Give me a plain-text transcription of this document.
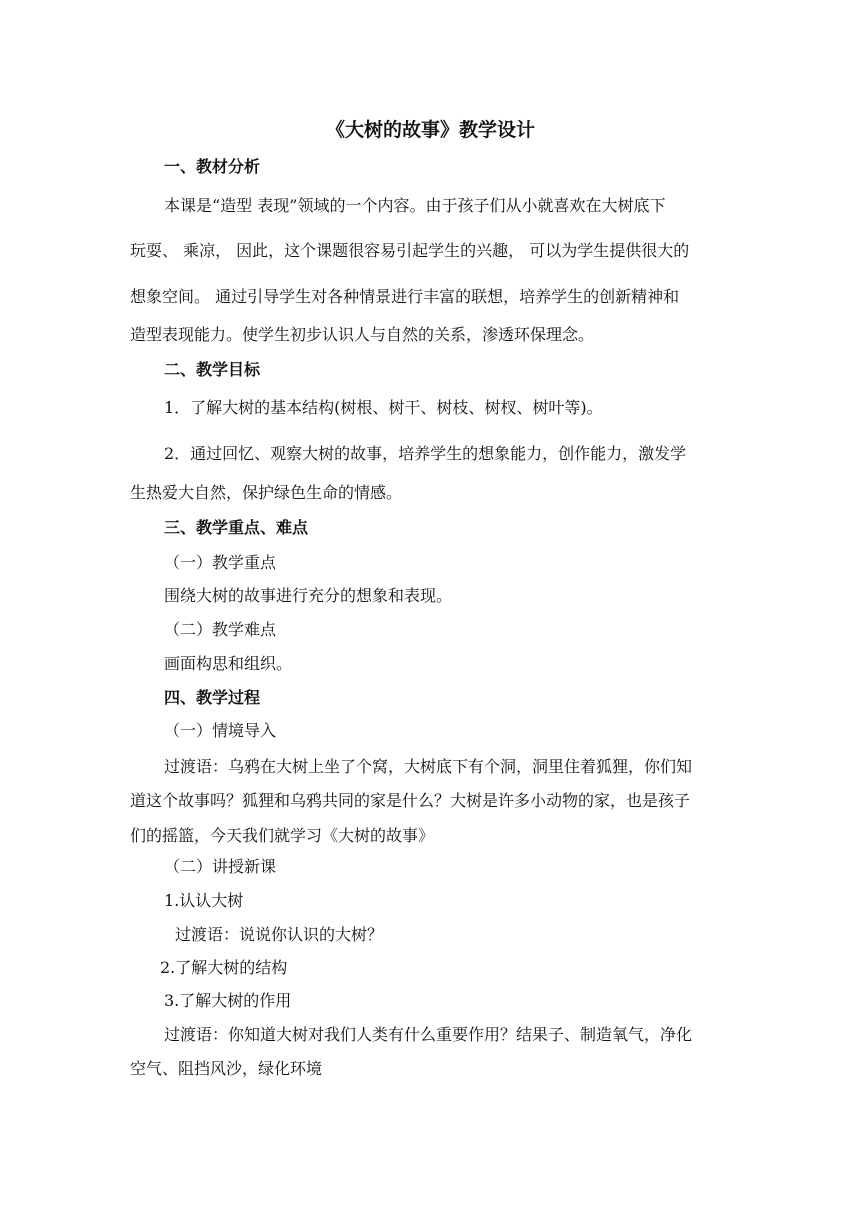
《大树的故事》教学设计
一、教材分析
本课是“造型 表现”领域的一个内容。由于孩子们从小就喜欢在大树底下
玩耍、 乘凉， 因此，这个课题很容易引起学生的兴趣， 可以为学生提供很大的
想象空间。 通过引导学生对各种情景进行丰富的联想，培养学生的创新精神和
造型表现能力。使学生初步认识人与自然的关系，渗透环保理念。
二、教学目标
1．了解大树的基本结构(树根、树干、树枝、树杈、树叶等)。
2．通过回忆、观察大树的故事，培养学生的想象能力，创作能力，激发学
生热爱大自然，保护绿色生命的情感。
三、教学重点、难点
（一）教学重点
围绕大树的故事进行充分的想象和表现。
（二）教学难点
画面构思和组织。
四、教学过程
（一）情境导入
过渡语：乌鸦在大树上坐了个窝，大树底下有个洞，洞里住着狐狸，你们知
道这个故事吗？狐狸和乌鸦共同的家是什么？大树是许多小动物的家，也是孩子
们的摇篮，今天我们就学习《大树的故事》
（二）讲授新课
1.认认大树
过渡语：说说你认识的大树？
2.了解大树的结构
3.了解大树的作用
过渡语：你知道大树对我们人类有什么重要作用？结果子、制造氧气，净化
空气、阻挡风沙，绿化环境
